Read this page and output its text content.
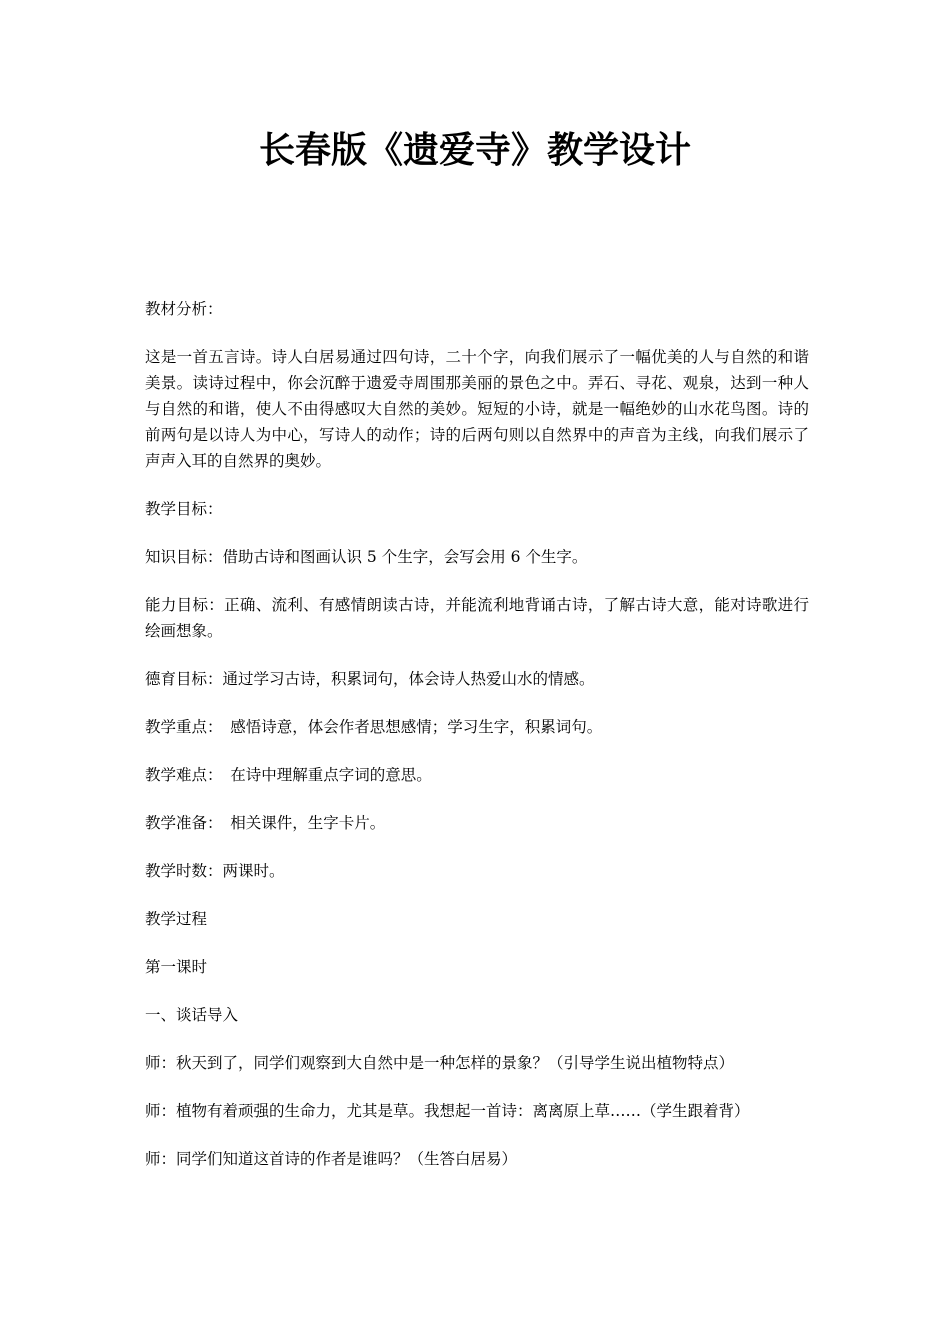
长春版《遗爱寺》教学设计

教材分析：

这是一首五言诗。诗人白居易通过四句诗，二十个字，向我们展示了一幅优美的人与自然的和谐美景。读诗过程中，你会沉醉于遗爱寺周围那美丽的景色之中。弄石、寻花、观泉，达到一种人与自然的和谐，使人不由得感叹大自然的美妙。短短的小诗，就是一幅绝妙的山水花鸟图。诗的前两句是以诗人为中心，写诗人的动作；诗的后两句则以自然界中的声音为主线，向我们展示了声声入耳的自然界的奥妙。

教学目标：

知识目标：借助古诗和图画认识 5 个生字，会写会用 6 个生字。

能力目标：正确、流利、有感情朗读古诗，并能流利地背诵古诗，了解古诗大意，能对诗歌进行绘画想象。

德育目标：通过学习古诗，积累词句，体会诗人热爱山水的情感。

教学重点：　感悟诗意，体会作者思想感情；学习生字，积累词句。

教学难点：　在诗中理解重点字词的意思。

教学准备：　相关课件，生字卡片。

教学时数：两课时。

教学过程

第一课时

一、谈话导入

师：秋天到了，同学们观察到大自然中是一种怎样的景象？（引导学生说出植物特点）

师：植物有着顽强的生命力，尤其是草。我想起一首诗：离离原上草……（学生跟着背）

师：同学们知道这首诗的作者是谁吗？（生答白居易）
